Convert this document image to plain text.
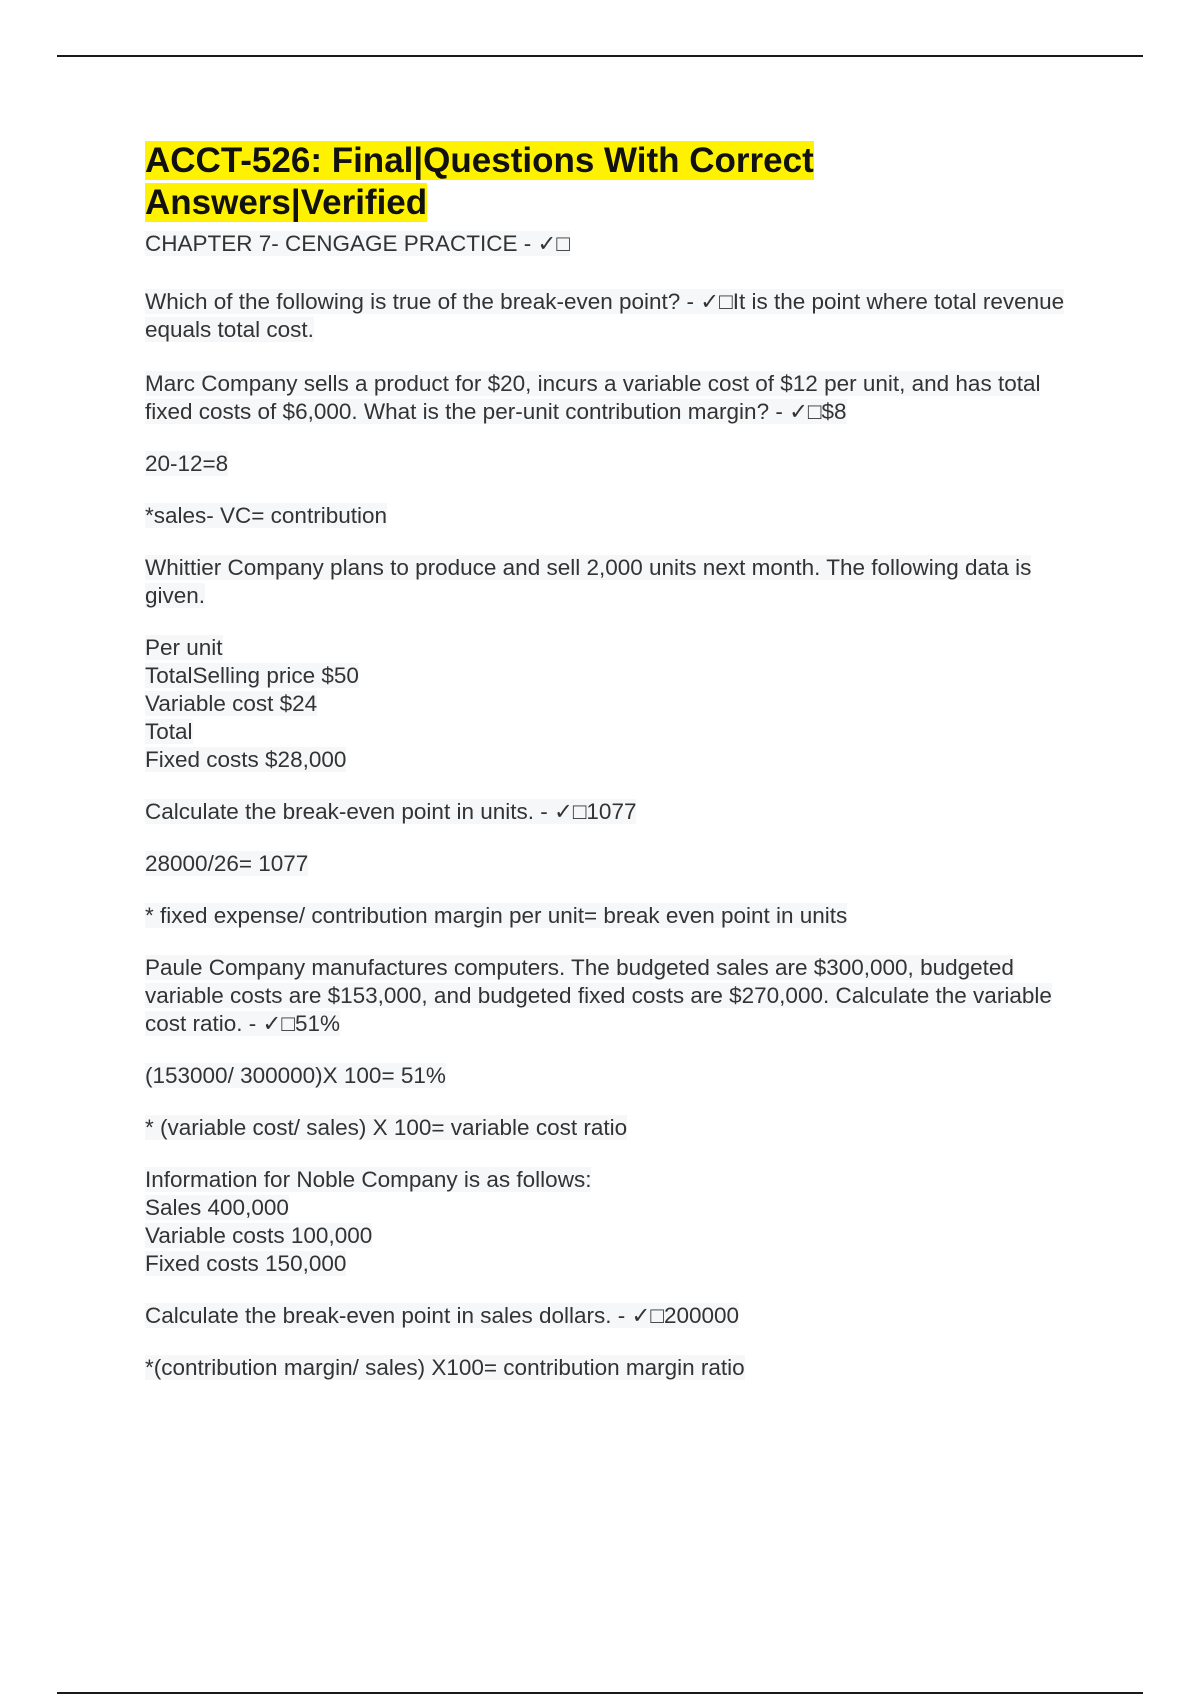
ACCT-526: Final|Questions With Correct
Answers|Verified

CHAPTER 7- CENGAGE PRACTICE - ✓□

Which of the following is true of the break-even point? - ✓□It is the point where total revenue equals total cost.

Marc Company sells a product for $20, incurs a variable cost of $12 per unit, and has total fixed costs of $6,000. What is the per-unit contribution margin? - ✓□$8

20-12=8

*sales- VC= contribution

Whittier Company plans to produce and sell 2,000 units next month. The following data is given.

Per unit
TotalSelling price $50
Variable cost $24
Total
Fixed costs $28,000

Calculate the break-even point in units. - ✓□1077

28000/26= 1077

* fixed expense/ contribution margin per unit= break even point in units

Paule Company manufactures computers. The budgeted sales are $300,000, budgeted variable costs are $153,000, and budgeted fixed costs are $270,000. Calculate the variable cost ratio. - ✓□51%

(153000/ 300000)X 100= 51%

* (variable cost/ sales) X 100= variable cost ratio

Information for Noble Company is as follows:
Sales 400,000
Variable costs 100,000
Fixed costs 150,000

Calculate the break-even point in sales dollars. - ✓□200000

*(contribution margin/ sales) X100= contribution margin ratio
